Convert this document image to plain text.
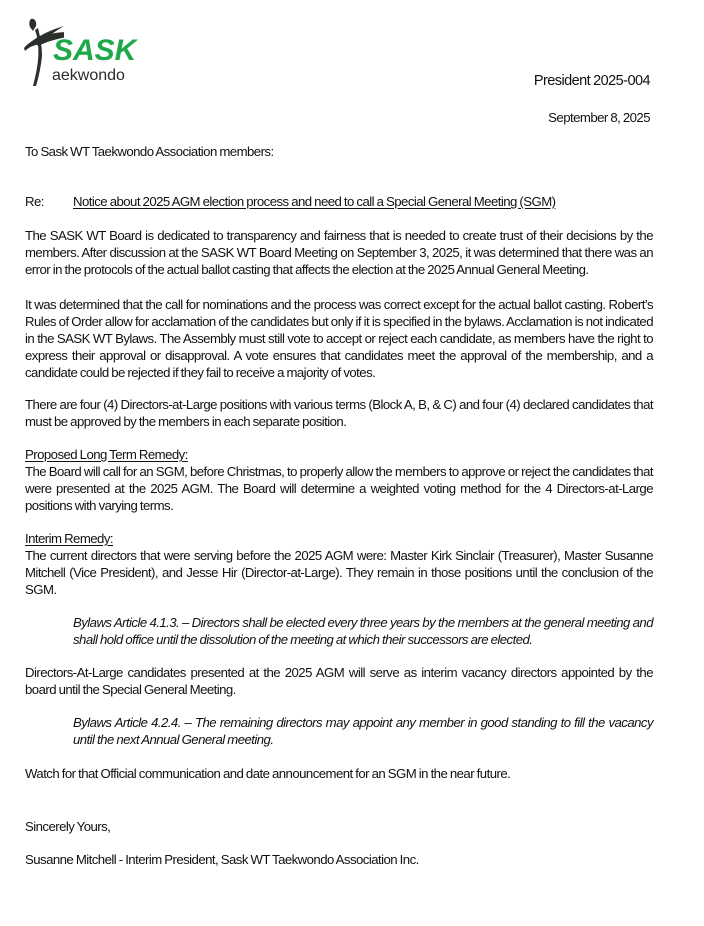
SASK
aekwondo	President 2025-004
September 8, 2025
To Sask WT Taekwondo Association members:
Re: Notice about 2025 AGM election process and need to call a Special General Meeting (SGM)

The SASK WT Board is dedicated to transparency and fairness that is needed to create trust of their decisions by the members. After discussion at the SASK WT Board Meeting on September 3, 2025, it was determined that there was an error in the protocols of the actual ballot casting that affects the election at the 2025 Annual General Meeting.

It was determined that the call for nominations and the process was correct except for the actual ballot casting. Robert’s Rules of Order allow for acclamation of the candidates but only if it is specified in the bylaws. Acclamation is not indicated in the SASK WT Bylaws. The Assembly must still vote to accept or reject each candidate, as members have the right to express their approval or disapproval. A vote ensures that candidates meet the approval of the membership, and a candidate could be rejected if they fail to receive a majority of votes.

There are four (4) Directors-at-Large positions with various terms (Block A, B, & C) and four (4) declared candidates that must be approved by the members in each separate position.

Proposed Long Term Remedy:

The Board will call for an SGM, before Christmas, to properly allow the members to approve or reject the candidates that were presented at the 2025 AGM. The Board will determine a weighted voting method for the 4 Directors-at-Large positions with varying terms.

Interim Remedy:

The current directors that were serving before the 2025 AGM were: Master Kirk Sinclair (Treasurer), Master Susanne Mitchell (Vice President), and Jesse Hir (Director-at-Large). They remain in those positions until the conclusion of the SGM.

Bylaws Article 4.1.3. – Directors shall be elected every three years by the members at the general meeting and shall hold office until the dissolution of the meeting at which their successors are elected.

Directors-At-Large candidates presented at the 2025 AGM will serve as interim vacancy directors appointed by the board until the Special General Meeting.

Bylaws Article 4.2.4. – The remaining directors may appoint any member in good standing to fill the vacancy until the next Annual General meeting.

Watch for that Official communication and date announcement for an SGM in the near future.
Sincerely Yours,
Susanne Mitchell - Interim President, Sask WT Taekwondo Association Inc.
